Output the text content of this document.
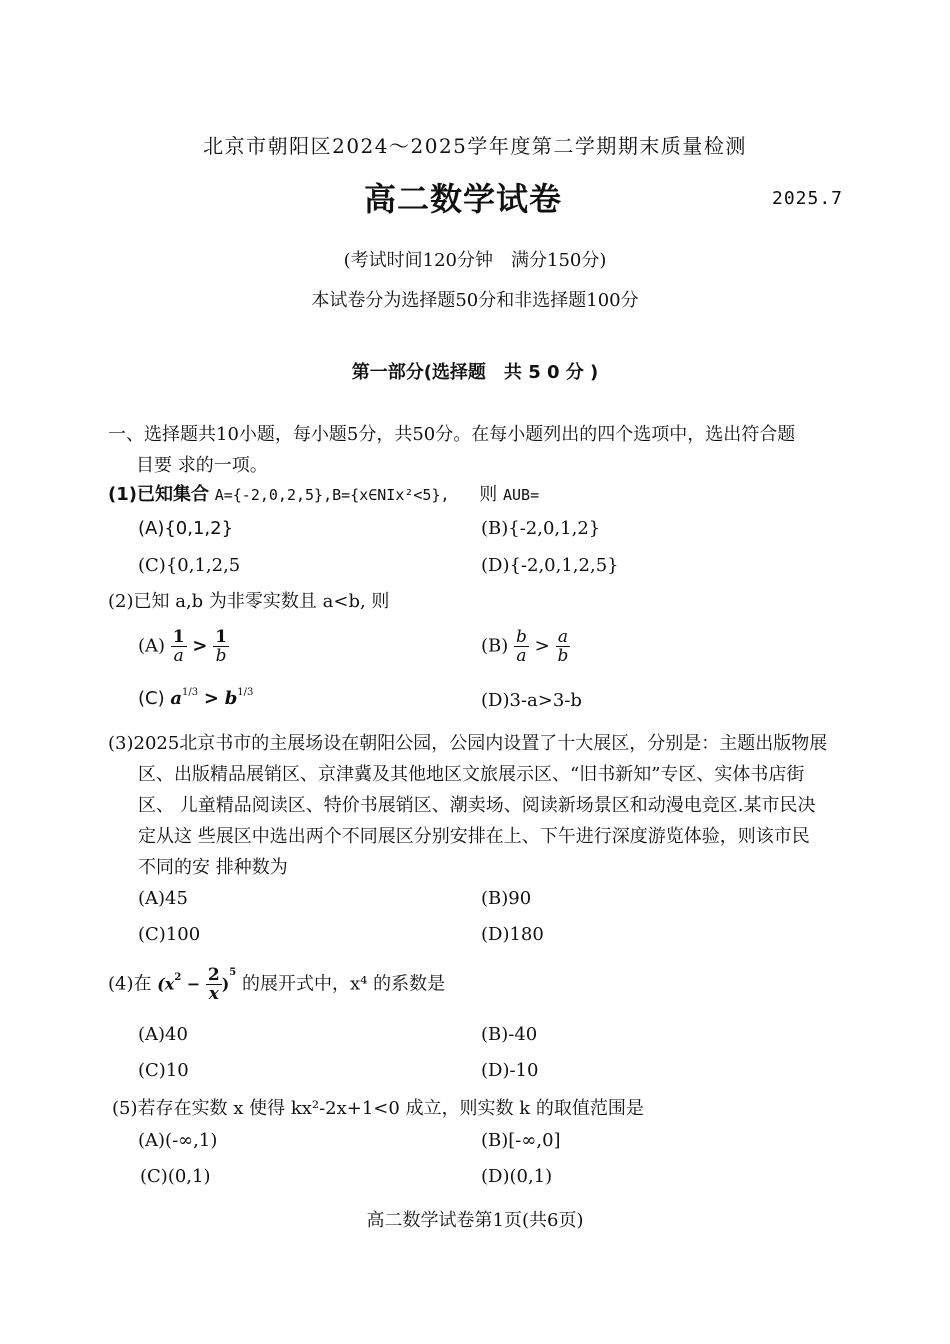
北京市朝阳区2024～2025学年度第二学期期末质量检测
高二数学试卷	2025.7
(考试时间120分钟　满分150分)
本试卷分为选择题50分和非选择题100分
第一部分(选择题　共 5 0 分 )
一、选择题共10小题，每小题5分，共50分。在每小题列出的四个选项中，选出符合题
目要 求的一项。
(1)已知集合 A={-2,0,2,5},B={x∈NIx²<5}, 则 AUB=
(A){0,1,2}	(B){-2,0,1,2}
(C){0,1,2,5	(D){-2,0,1,2,5}
(2)已知 a,b 为非零实数且 a<b, 则
$(A) \frac{1}{a} > \frac{1}{b}$	$(B) \frac{b}{a} > \frac{a}{b}$
(C) $a^{1/3} > b^{1/3}$	(D)3-a>3-b
(3)2025北京书市的主展场设在朝阳公园，公园内设置了十大展区，分别是：主题出版物展
区、出版精品展销区、京津冀及其他地区文旅展示区、“旧书新知”专区、实体书店街
区、 儿童精品阅读区、特价书展销区、潮卖场、阅读新场景区和动漫电竞区.某市民决
定从这 些展区中选出两个不同展区分别安排在上、下午进行深度游览体验，则该市民
不同的安 排种数为
(A)45	(B)90
(C)100	(D)180
(4)在 $(x^2 - \frac{2}{x} )^5$ 的展开式中，x⁴ 的系数是
(A)40	(B)-40
(C)10	(D)-10
(5)若存在实数 x 使得 kx²-2x+1<0 成立，则实数 k 的取值范围是
(A)(-∞,1)	(B)[-∞,0]
(C)(0,1)	(D)(0,1)
高二数学试卷第1页(共6页)
